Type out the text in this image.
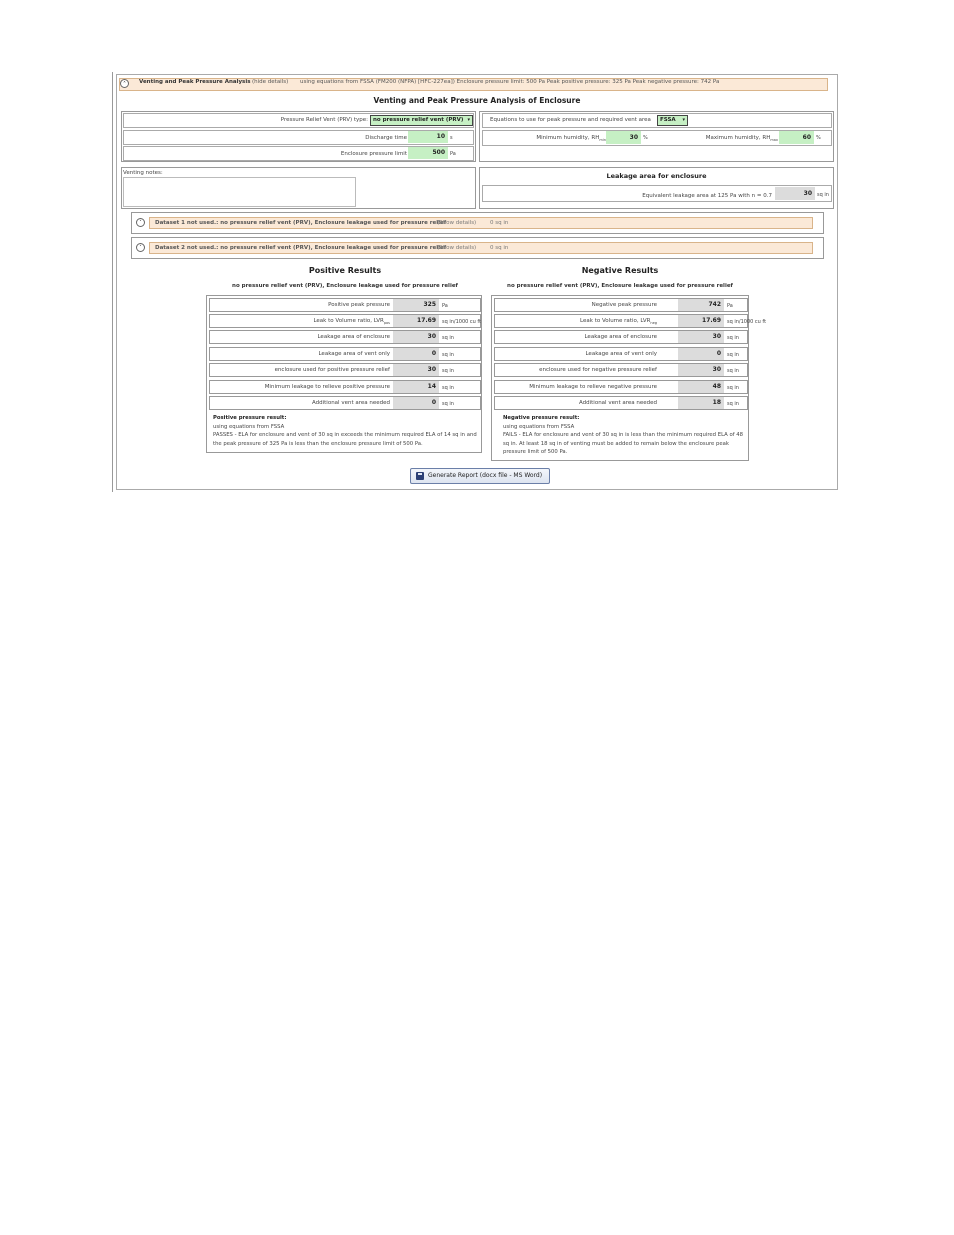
˄	Venting and Peak Pressure Analysis (hide details) using equations from FSSA (FM200 (NFPA) [HFC-227ea]) Enclosure pressure limit: 500 Pa Peak positive pressure: 325 Pa Peak negative pressure: 742 Pa
Venting and Peak Pressure Analysis of Enclosure
Pressure Relief Vent (PRV) type: no pressure relief vent (PRV) ▾
Discharge time	10	s
Enclosure pressure limit	500	Pa
Equations to use for peak pressure and required vent area	FSSA ▾
Minimum humidity, $RH_{min}$	30	%	Maximum humidity, $RH_{max}$	60	%
Venting notes:	Leakage area for enclosure
Equivalent leakage area at 125 Pa with n = 0.7	30	sq in
˅	Dataset 1 not used.: no pressure relief vent (PRV), Enclosure leakage used for pressure relief
(Show details)	0 sq in
˅	Dataset 2 not used.: no pressure relief vent (PRV), Enclosure leakage used for pressure relief
(Show details)	0 sq in
Positive Results
no pressure relief vent (PRV), Enclosure leakage used for pressure relief
Positive peak pressure	325	Pa
Leak to Volume ratio, $LVR_{pos}$	17.69	sq in/1000 cu ft
Leakage area of enclosure	30	sq in
Leakage area of vent only	0	sq in
enclosure used for positive pressure relief	30	sq in
Minimum leakage to relieve positive pressure	14	sq in
Additional vent area needed	0	sq in
Positive pressure result:
using equations from FSSA
PASSES - ELA for enclosure and vent of 30 sq in exceeds the minimum required ELA of 14 sq in and the peak pressure of 325 Pa is less than the enclosure pressure limit of 500 Pa.
Negative Results
no pressure relief vent (PRV), Enclosure leakage used for pressure relief
Negative peak pressure	742	Pa
Leak to Volume ratio, $LVR_{neg}$	17.69	sq in/1000 cu ft
Leakage area of enclosure	30	sq in
Leakage area of vent only	0	sq in
enclosure used for negative pressure relief	30	sq in
Minimum leakage to relieve negative pressure	48	sq in
Additional vent area needed	18	sq in
Negative pressure result:
using equations from FSSA
FAILS - ELA for enclosure and vent of 30 sq in is less than the minimum required ELA of 48 sq in. At least 18 sq in of venting must be added to remain below the enclosure peak pressure limit of 500 Pa.
Generate Report (docx file - MS Word)
